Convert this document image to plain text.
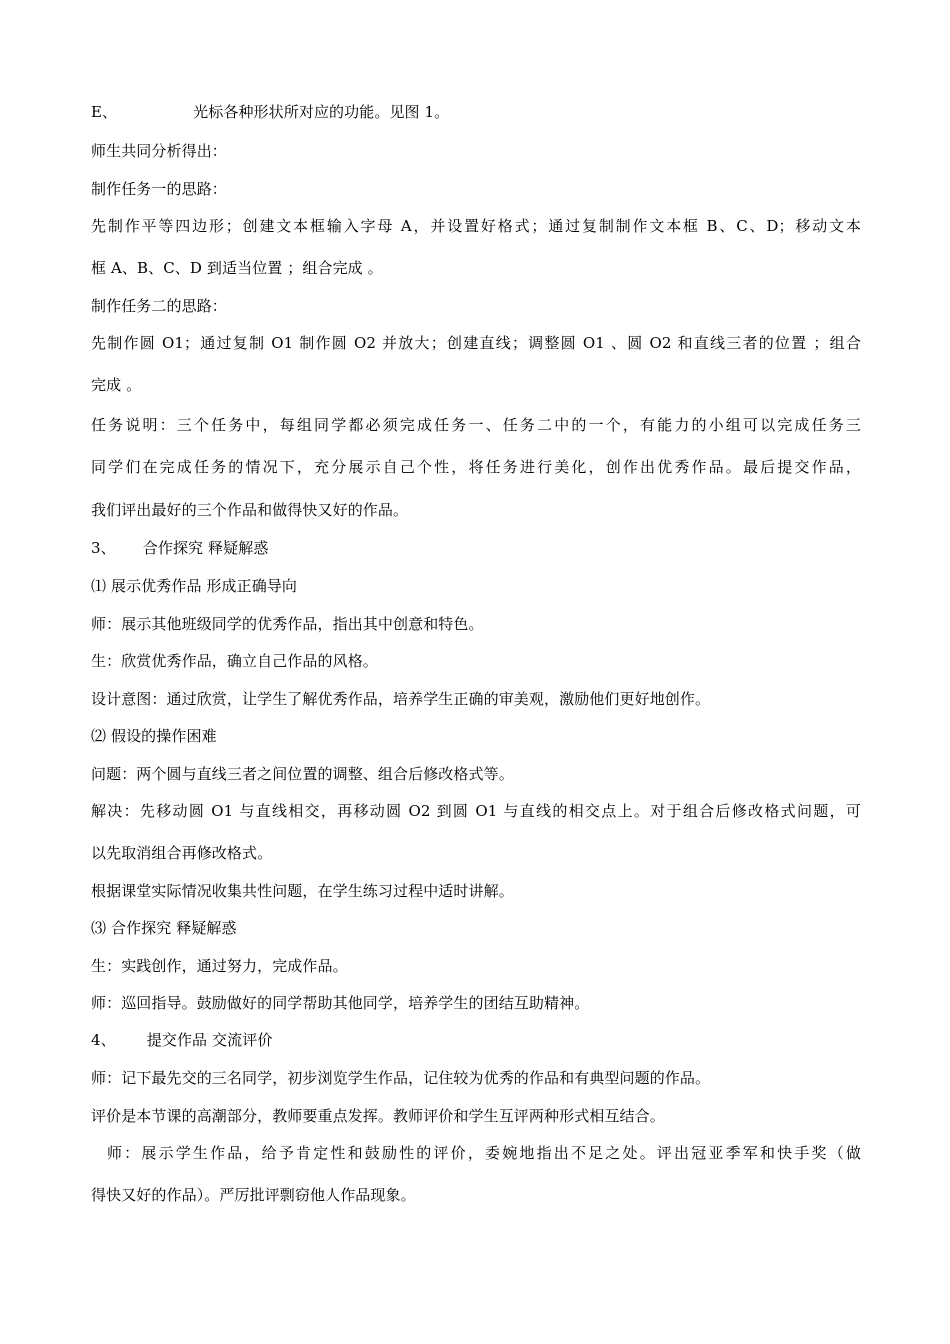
E、	光标各种形状所对应的功能。见图 1。
师生共同分析得出：
制作任务一的思路：
先制作平等四边形；创建文本框输入字母 A，并设置好格式；通过复制制作文本框 B、C、D；移动文本
框 A、B、C、D 到适当位置 ；组合完成 。
制作任务二的思路：
先制作圆 O1；通过复制 O1 制作圆 O2 并放大；创建直线；调整圆 O1 、圆 O2 和直线三者的位置 ；组合
完成 。
任务说明：三个任务中，每组同学都必须完成任务一、任务二中的一个，有能力的小组可以完成任务三
同学们在完成任务的情况下，充分展示自己个性，将任务进行美化，创作出优秀作品。最后提交作品，
我们评出最好的三个作品和做得快又好的作品。
3、 合作探究 释疑解惑
⑴ 展示优秀作品 形成正确导向
师：展示其他班级同学的优秀作品，指出其中创意和特色。
生：欣赏优秀作品，确立自己作品的风格。
设计意图：通过欣赏，让学生了解优秀作品，培养学生正确的审美观，激励他们更好地创作。
⑵ 假设的操作困难
问题：两个圆与直线三者之间位置的调整、组合后修改格式等。
解决：先移动圆 O1 与直线相交，再移动圆 O2 到圆 O1 与直线的相交点上。对于组合后修改格式问题，可
以先取消组合再修改格式。
根据课堂实际情况收集共性问题，在学生练习过程中适时讲解。
⑶ 合作探究 释疑解惑
生：实践创作，通过努力，完成作品。
师：巡回指导。鼓励做好的同学帮助其他同学，培养学生的团结互助精神。
4、 提交作品 交流评价
师：记下最先交的三名同学，初步浏览学生作品，记住较为优秀的作品和有典型问题的作品。
评价是本节课的高潮部分，教师要重点发挥。教师评价和学生互评两种形式相互结合。
师：展示学生作品，给予肯定性和鼓励性的评价，委婉地指出不足之处。评出冠亚季军和快手奖（做
得快又好的作品）。严厉批评剽窃他人作品现象。
